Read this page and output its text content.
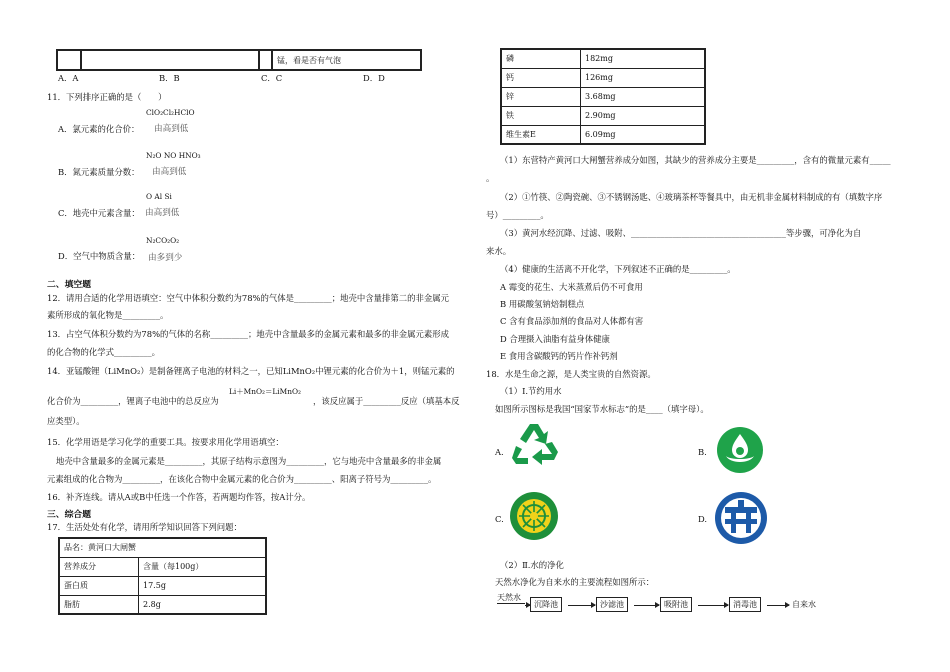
			锰，看是否有气泡
A．A	B．B	C．C	D．D
11．下列排序正确的是（　　）
A．氯元素的化合价：
ClO₂Cl₂HClO
由高到低
B．氮元素质量分数：
N₂O NO HNO₃
由高到低
C．地壳中元素含量：
O Al Si
由高到低
D．空气中物质含量：
N₂CO₂O₂
由多到少
二、填空题
12．请用合适的化学用语填空：空气中体积分数约为78%的气体是_________；地壳中含量排第二的非金属元
素所形成的氧化物是_________。
13．占空气体积分数约为78%的气体的名称_________；地壳中含量最多的金属元素和最多的非金属元素形成
的化合物的化学式_________。
14．亚锰酸锂（LiMnO₂）是制备锂离子电池的材料之一，已知LiMnO₂中锂元素的化合价为＋1，则锰元素的
化合价为_________，锂离子电池中的总反应为
Li＋MnO₂＝LiMnO₂
，该反应属于_________反应（填基本反
应类型）。
15．化学用语是学习化学的重要工具。按要求用化学用语填空：
地壳中含量最多的金属元素是_________，其原子结构示意图为_________，它与地壳中含量最多的非金属
元素组成的化合物为_________，在该化合物中金属元素的化合价为_________、阳离子符号为_________。
16．补齐连线。请从A或B中任选一个作答，若两题均作答，按A计分。
三、综合题
17．生活处处有化学，请用所学知识回答下列问题：
品名：黄河口大闸蟹	
营养成分	含量（每100g）
蛋白质	17.5g
脂肪	2.8g
磷	182mg
钙	126mg
锌	3.68mg
铁	2.90mg
维生素E	6.09mg
（1）东营特产黄河口大闸蟹营养成分如图，其缺少的营养成分主要是_________，含有的微量元素有_____
。
（2）①竹筷、②陶瓷碗、③不锈钢汤匙、④玻璃茶杯等餐具中，由无机非金属材料制成的有（填数字序
号）_________。
（3）黄河水经沉降、过滤、吸附、_____________________________________等步骤，可净化为自
来水。
（4）健康的生活离不开化学，下列叙述不正确的是_________。
A 霉变的花生、大米蒸煮后仍不可食用
B 用碳酸氢钠焙制糕点
C 含有食品添加剂的食品对人体都有害
D 合理摄入油脂有益身体健康
E 食用含碳酸钙的钙片作补钙剂
18．水是生命之源，是人类宝贵的自然资源。
（1）Ⅰ.节约用水
如图所示图标是我国“国家节水标志”的是____（填字母）。
A.	B.
C.	D.
（2）Ⅱ.水的净化
天然水净化为自来水的主要流程如图所示：
天然水
沉降池	沙滤池	吸附池	消毒池	自来水
